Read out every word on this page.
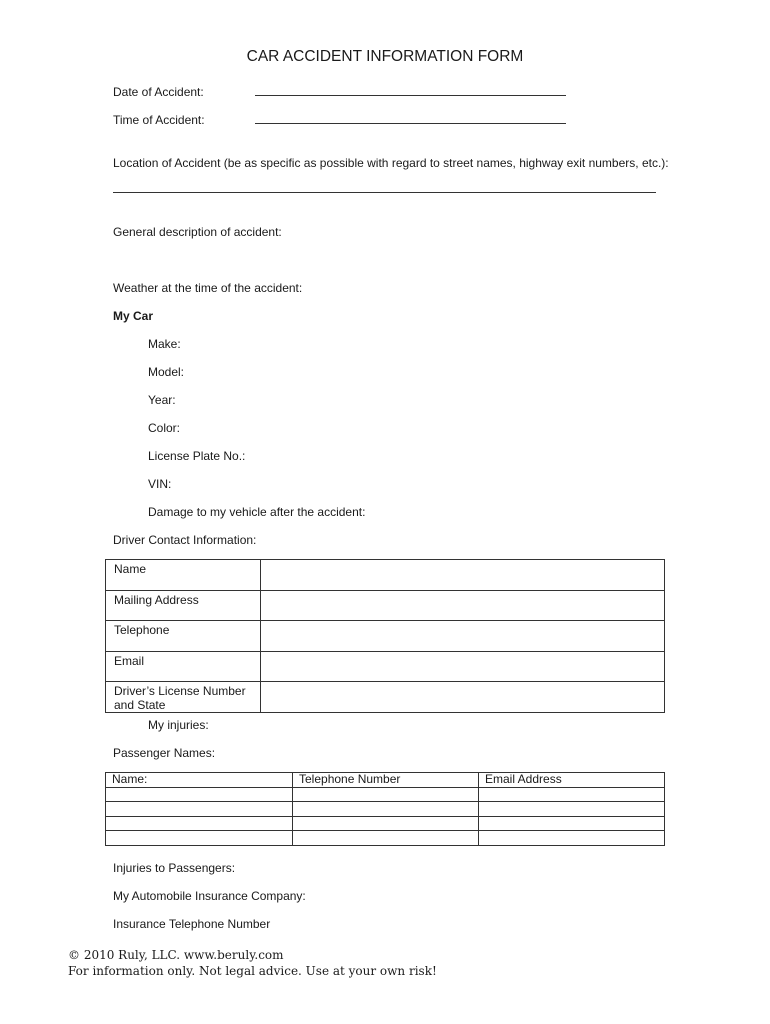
CAR ACCIDENT INFORMATION FORM
Date of Accident:
Time of Accident:
Location of Accident (be as specific as possible with regard to street names, highway exit numbers, etc.):
General description of accident:
Weather at the time of the accident:
My Car
Make:
Model:
Year:
Color:
License Plate No.:
VIN:
Damage to my vehicle after the accident:
Driver Contact Information:
Name	
Mailing Address	
Telephone	
Email	
Driver’s License Number
and State	
My injuries:
Passenger Names:
Name:	Telephone Number	Email Address

Injuries to Passengers:
My Automobile Insurance Company:
Insurance Telephone Number
© 2010 Ruly, LLC. www.beruly.com
For information only. Not legal advice. Use at your own risk!
